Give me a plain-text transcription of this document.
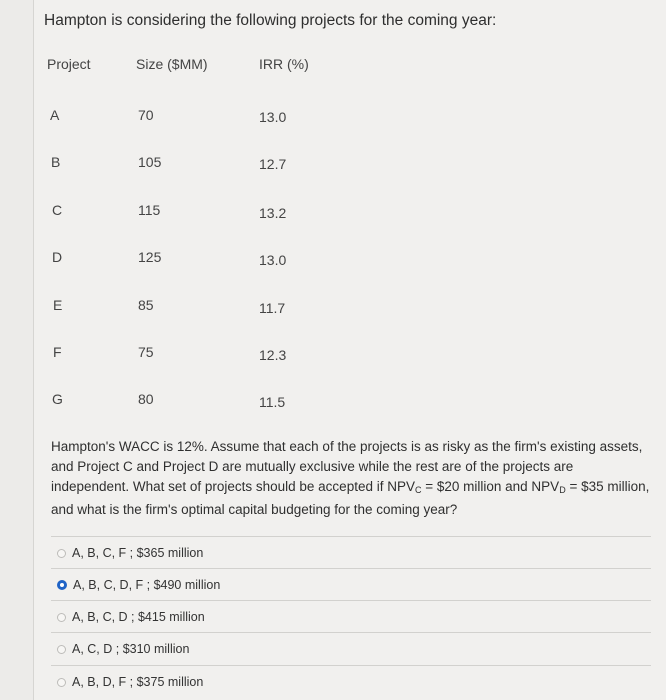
Hampton is considering the following projects for the coming year:
Project	Size ($MM)	IRR (%)
A	70	13.0
B	105	12.7
C	115	13.2
D	125	13.0
E	85	11.7
F	75	12.3
G	80	11.5
Hampton's WACC is 12%. Assume that each of the projects is as risky as the firm's existing assets, and Project C and Project D are mutually exclusive while the rest are of the projects are independent. What set of projects should be accepted if $NPV_C$ = $20 million and $NPV_D$ = $35 million, and what is the firm's optimal capital budgeting for the coming year?
A, B, C, F ; $365 million
A, B, C, D, F ; $490 million
A, B, C, D ; $415 million
A, C, D ; $310 million
A, B, D, F ; $375 million
